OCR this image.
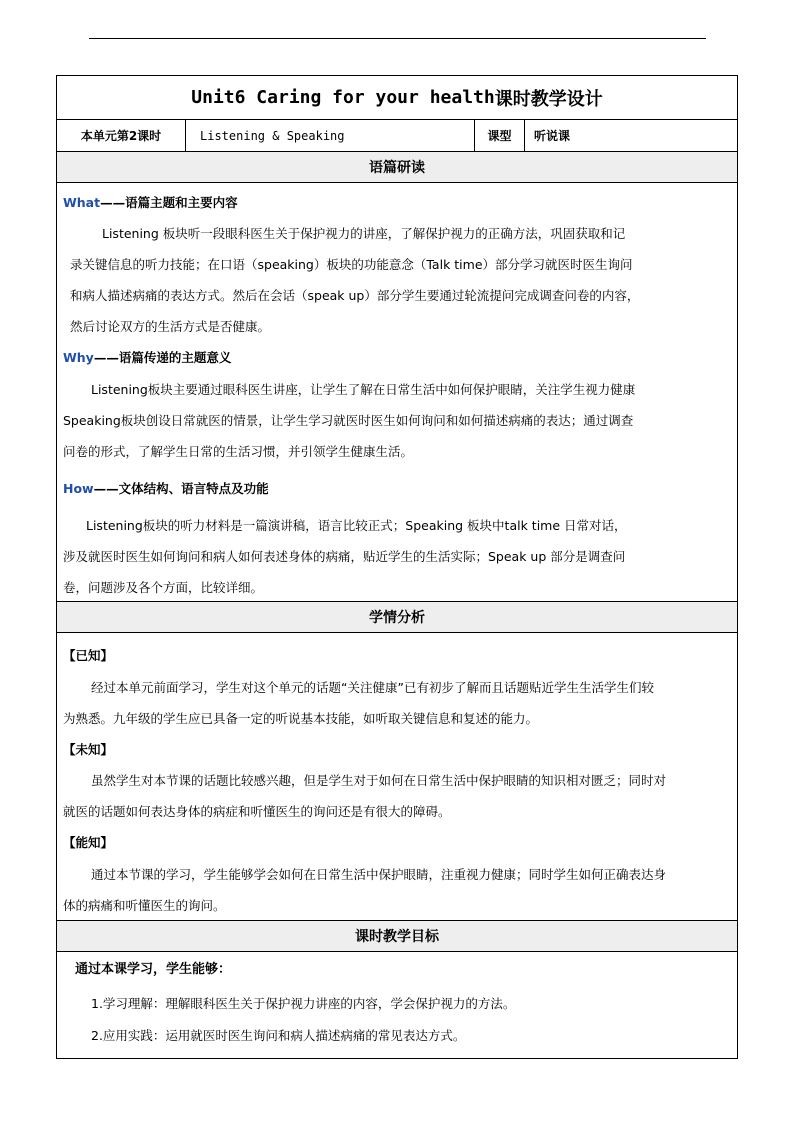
Unit6 Caring for your health 课时教学设计
本单元第2课时	Listening & Speaking	课型	听说课
语篇研读
What——语篇主题和主要内容
Listening 板块听一段眼科医生关于保护视力的讲座，了解保护视力的正确方法，巩固获取和记
录关键信息的听力技能；在口语（speaking）板块的功能意念（Talk time）部分学习就医时医生询问
和病人描述病痛的表达方式。然后在会话（speak up）部分学生要通过轮流提问完成调查问卷的内容，
然后讨论双方的生活方式是否健康。
Why——语篇传递的主题意义
Listening板块主要通过眼科医生讲座，让学生了解在日常生活中如何保护眼睛，关注学生视力健康
Speaking板块创设日常就医的情景，让学生学习就医时医生如何询问和如何描述病痛的表达；通过调查
问卷的形式，了解学生日常的生活习惯，并引领学生健康生活。
How——文体结构、语言特点及功能
Listening板块的听力材料是一篇演讲稿，语言比较正式；Speaking 板块中talk time 日常对话，
涉及就医时医生如何询问和病人如何表述身体的病痛，贴近学生的生活实际；Speak up 部分是调查问
卷，问题涉及各个方面，比较详细。
学情分析
【已知】
经过本单元前面学习，学生对这个单元的话题“关注健康”已有初步了解而且话题贴近学生生活学生们较
为熟悉。九年级的学生应已具备一定的听说基本技能，如听取关键信息和复述的能力。
【未知】
虽然学生对本节课的话题比较感兴趣，但是学生对于如何在日常生活中保护眼睛的知识相对匮乏；同时对
就医的话题如何表达身体的病症和听懂医生的询问还是有很大的障碍。
【能知】
通过本节课的学习，学生能够学会如何在日常生活中保护眼睛，注重视力健康；同时学生如何正确表达身
体的病痛和听懂医生的询问。
课时教学目标
通过本课学习，学生能够：
1.学习理解：理解眼科医生关于保护视力讲座的内容，学会保护视力的方法。
2.应用实践：运用就医时医生询问和病人描述病痛的常见表达方式。
